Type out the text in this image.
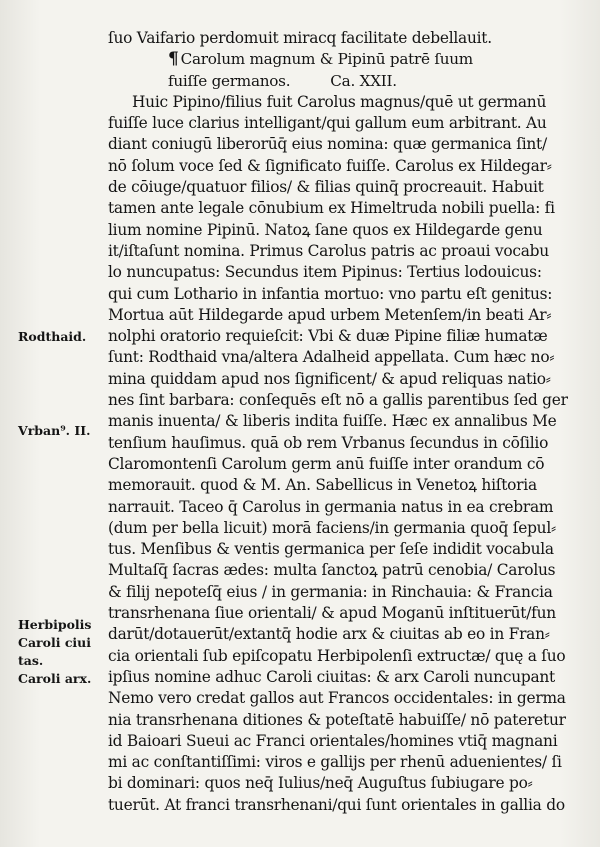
ſuo Vaifario perdomuit miracq facilitate debellauit.
¶ Carolum magnum & Pipinū patrē ſuum
fuiſſe germanos.	Ca. XXII.
Huic Pipino/filius fuit Carolus magnus/quē ut germanū
fuiſſe luce clarius intelligant/qui gallum eum arbitrant. Au
diant coniugū liberorūq̄ eius nomina: quæ germanica ſint/
nō ſolum voce ſed & ſignificato fuiſſe. Carolus ex Hildegar⸗
de cōiuge/quatuor filios/ & filias quinq̄ procreauit. Habuit
tamen ante legale cōnubium ex Himeltruda nobili puella: fi
lium nomine Pipinū. Natoꝝ ſane quos ex Hildegarde genu
it/iſtaſunt nomina. Primus Carolus patris ac proaui vocabu
lo nuncupatus: Secundus item Pipinus: Tertius lodouicus:
qui cum Lothario in infantia mortuo: vno partu eſt genitus:
Mortua aūt Hildegarde apud urbem Metenſem/in beati Ar⸗
nolphi oratorio requieſcit: Vbi & duæ Pipine filiæ humatæ
ſunt: Rodthaid vna/altera Adalheid appellata. Cum hæc no⸗
mina quiddam apud nos ſignificent/ & apud reliquas natio⸗
nes ſint barbara: conſequēs eſt nō a gallis parentibus ſed ger
manis inuenta/ & liberis indita fuiſſe. Hæc ex annalibus Me
tenſium hauſimus. quā ob rem Vrbanus ſecundus in cōſilio
Claromontenſi Carolum germ anū fuiſſe inter orandum cō
memorauit. quod & M. An. Sabellicus in Venetoꝝ hiſtoria
narrauit. Taceo q̄ Carolus in germania natus in ea crebram
(dum per bella licuit) morā faciens/in germania quoq̄ ſepul⸗
tus. Menſibus & ventis germanica per ſeſe indidit vocabula
Multaſq̄ ſacras ædes: multa ſanctoꝝ patrū cenobia/ Carolus
& filij nepoteſq̄ eius / in germania: in Rinchauia: & Francia
transrhenana ſiue orientali/ & apud Moganū inſtituerūt/fun
darūt/dotauerūt/extantq̄ hodie arx & ciuitas ab eo in Fran⸗
cia orientali ſub epiſcopatu Herbipolenſi extructæ/ quę a ſuo
ipſius nomine adhuc Caroli ciuitas: & arx Caroli nuncupant
Nemo vero credat gallos aut Francos occidentales: in germa
nia transrhenana ditiones & poteſtatē habuiſſe/ nō pateretur
id Baioari Sueui ac Franci orientales/homines vtiq̄ magnani
mi ac conſtantiſſimi: viros e gallijs per rhenū aduenientes/ ſi
bi dominari: quos neq̄ Iulius/neq̄ Auguſtus ſubiugare po⸗
tuerūt. At franci transrhenani/qui ſunt orientales in gallia do
Rodthaid.
Vrban⁹. II.
Herbipolis
Caroli ciui
tas.
Caroli arx.
